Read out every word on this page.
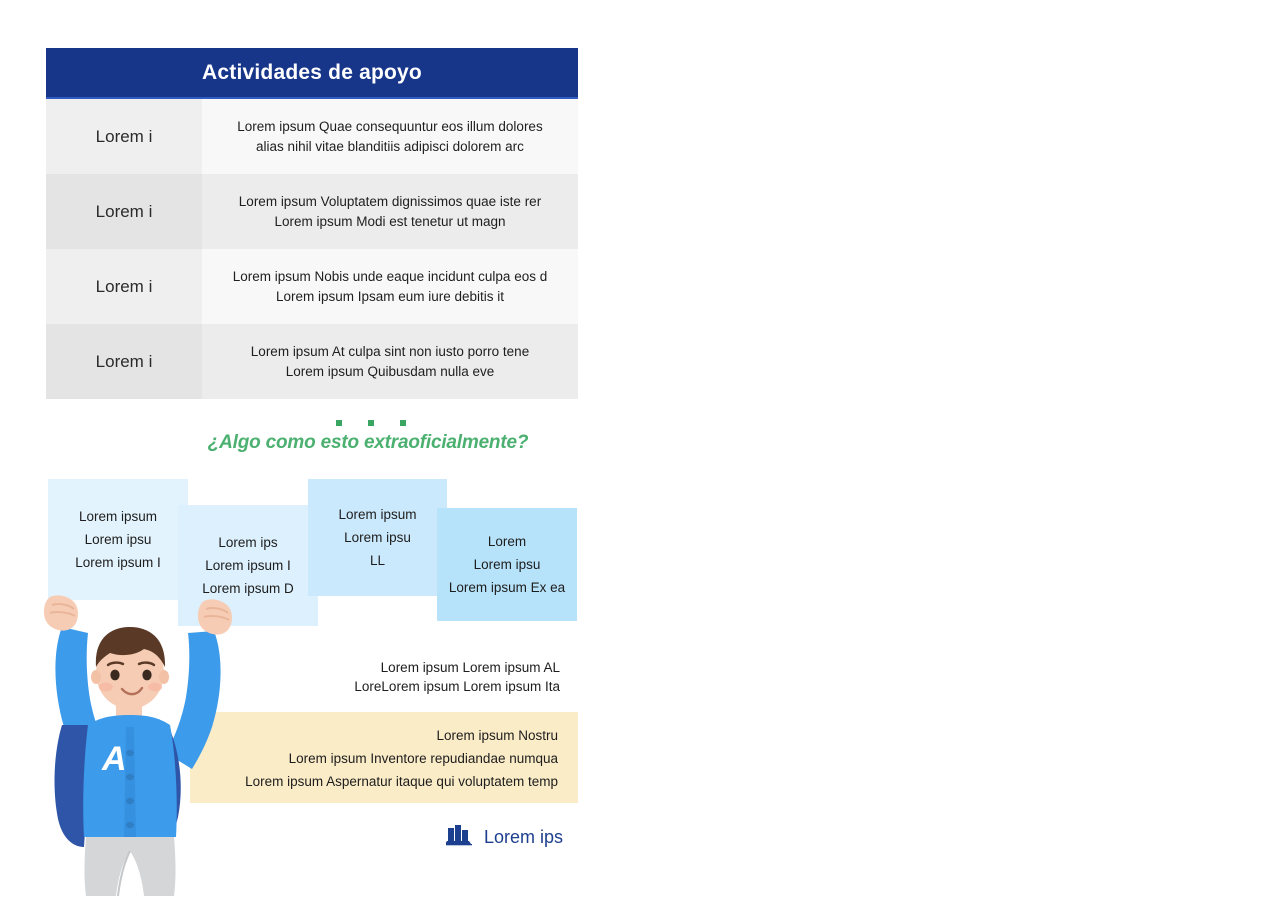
Actividades de apoyo
Lorem i
Lorem ipsum Quae consequuntur eos illum dolores
alias nihil vitae blanditiis adipisci dolorem arc
Lorem i
Lorem ipsum Voluptatem dignissimos quae iste rer
Lorem ipsum Modi est tenetur ut magn
Lorem i
Lorem ipsum Nobis unde eaque incidunt culpa eos d
Lorem ipsum Ipsam eum iure debitis it
Lorem i
Lorem ipsum At culpa sint non iusto porro tene
Lorem ipsum Quibusdam nulla eve
¿Algo como esto extraoficialmente?
Lorem ipsum
Lorem ipsu
Lorem ipsum I
Lorem ips
Lorem ipsum I
Lorem ipsum D
Lorem ipsum
Lorem ipsu
LL
Lorem
Lorem ipsu
Lorem ipsum Ex ea
Lorem ipsum Lorem ipsum AL
LoreLorem ipsum Lorem ipsum Ita
Lorem ipsum Nostru
Lorem ipsum Inventore repudiandae numqua
Lorem ipsum Aspernatur itaque qui voluptatem temp
Lorem ips
A
